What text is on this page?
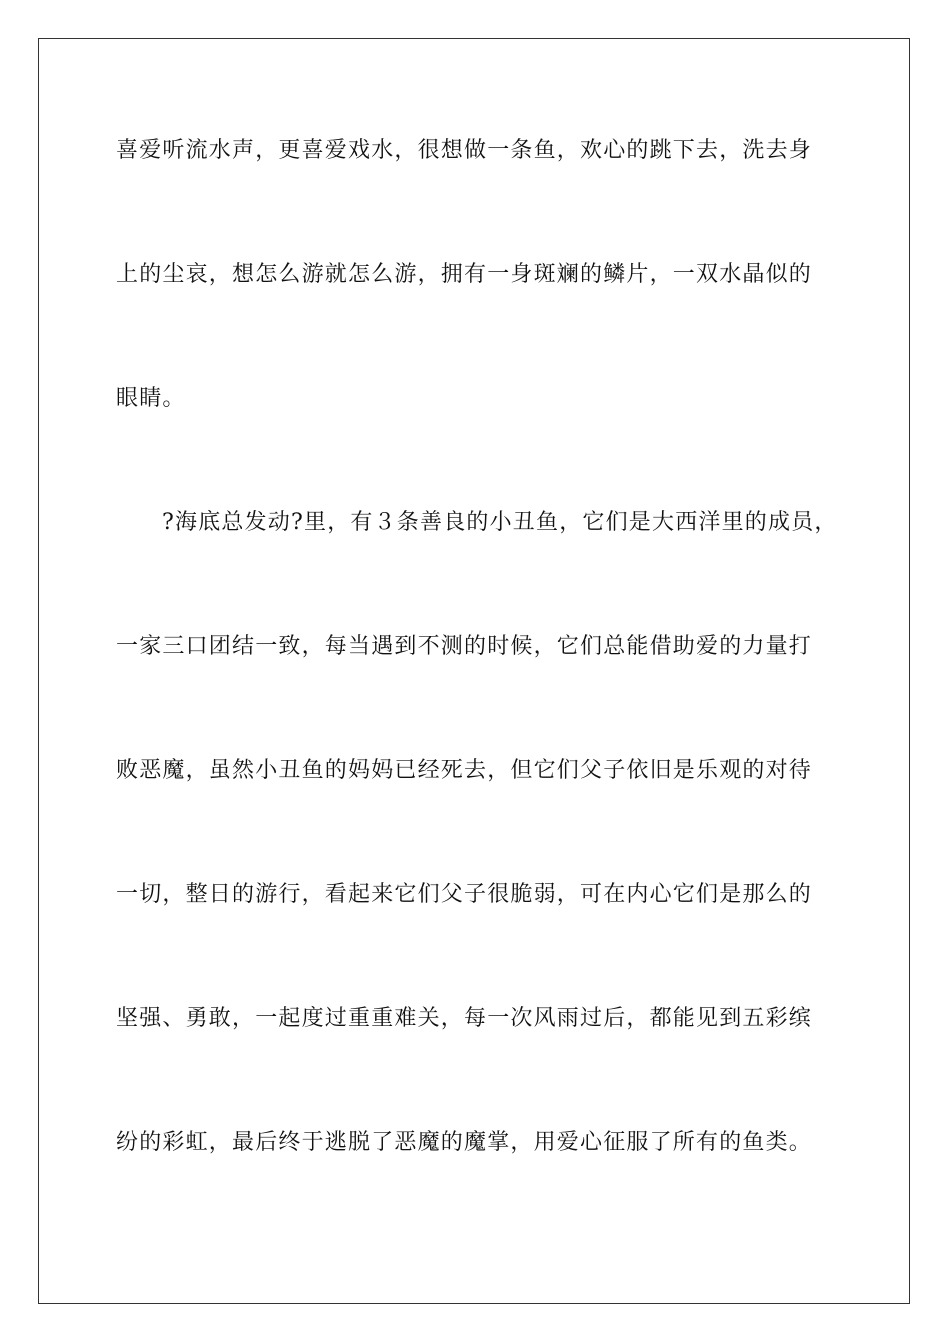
喜爱听流水声，更喜爱戏水，很想做一条鱼，欢心的跳下去，洗去身
上的尘哀，想怎么游就怎么游，拥有一身斑斓的鳞片，一双水晶似的
眼睛。
?海底总发动?里，有３条善良的小丑鱼，它们是大西洋里的成员，
一家三口团结一致，每当遇到不测的时候，它们总能借助爱的力量打
败恶魔，虽然小丑鱼的妈妈已经死去，但它们父子依旧是乐观的对待
一切，整日的游行，看起来它们父子很脆弱，可在内心它们是那么的
坚强、勇敢，一起度过重重难关，每一次风雨过后，都能见到五彩缤
纷的彩虹，最后终于逃脱了恶魔的魔掌，用爱心征服了所有的鱼类。
